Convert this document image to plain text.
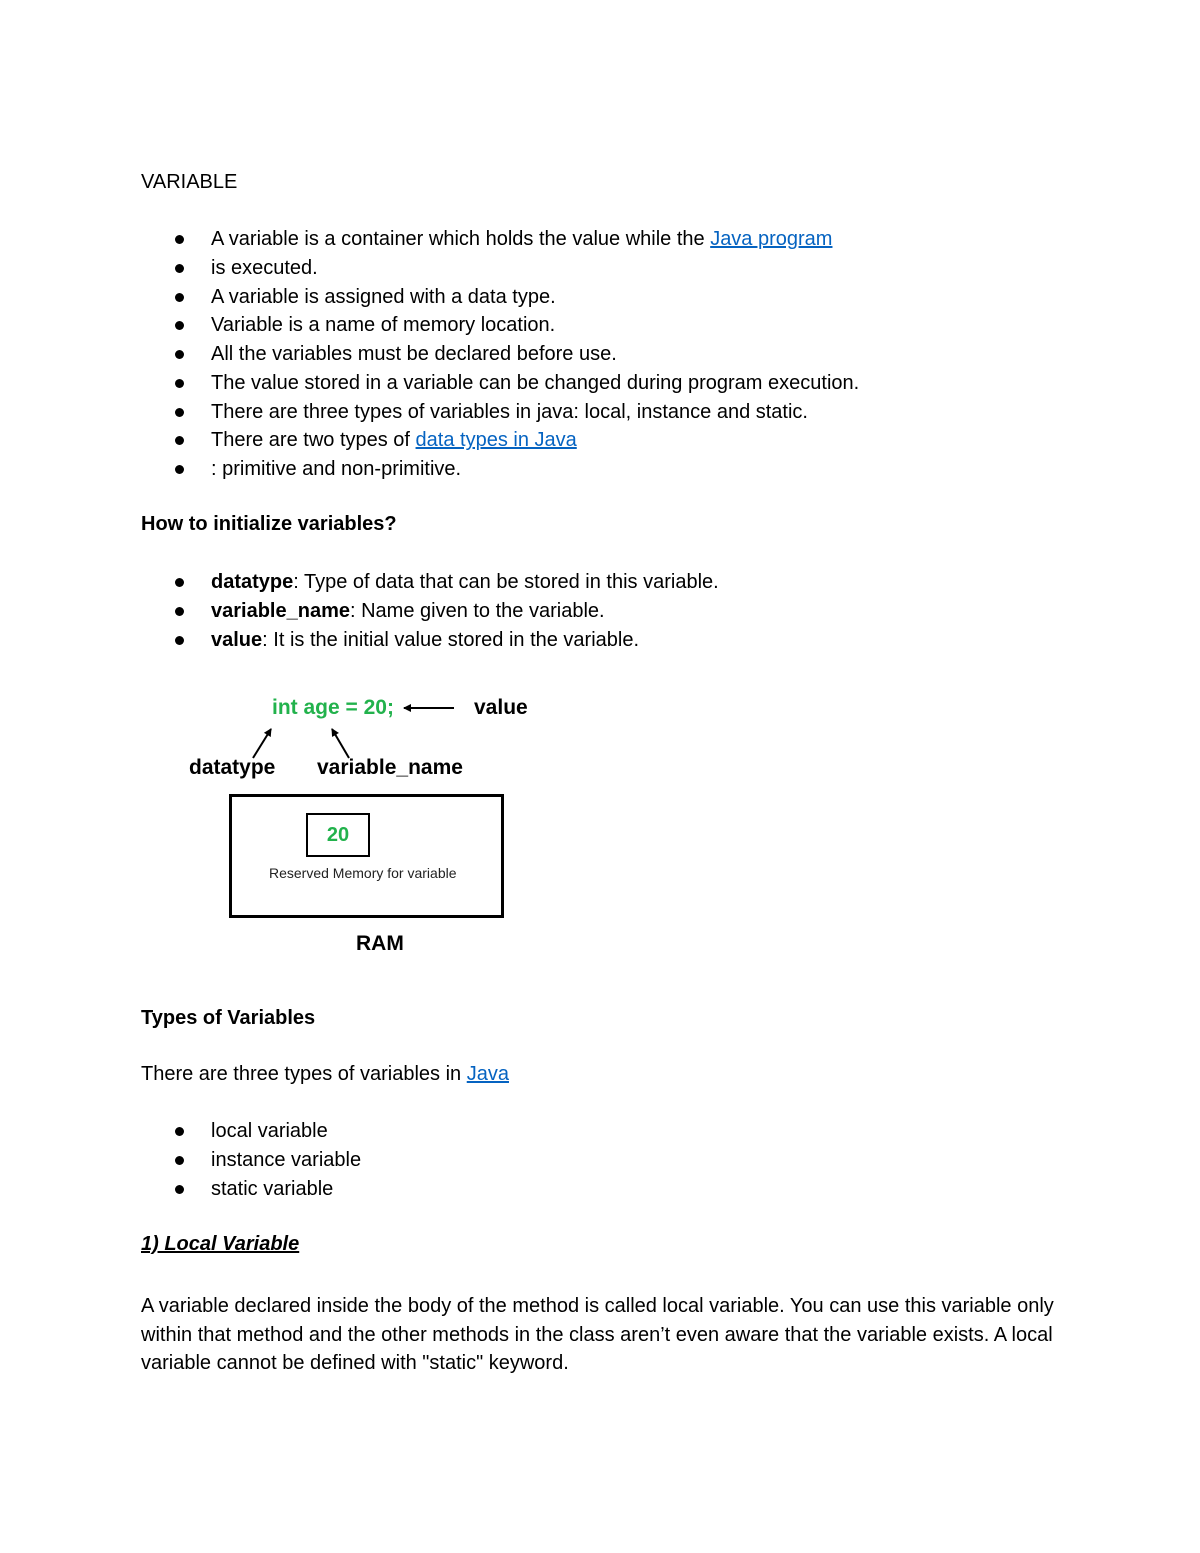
VARIABLE
A variable is a container which holds the value while the Java program
is executed.
A variable is assigned with a data type.
Variable is a name of memory location.
All the variables must be declared before use.
The value stored in a variable can be changed during program execution.
There are three types of variables in java: local, instance and static.
There are two types of data types in Java
: primitive and non-primitive.
How to initialize variables?
datatype: Type of data that can be stored in this variable.
variable_name: Name given to the variable.
value: It is the initial value stored in the variable.
int age = 20;	value
datatype variable_name
20
Reserved Memory for variable
RAM
Types of Variables
There are three types of variables in Java
local variable
instance variable
static variable
1) Local Variable
A variable declared inside the body of the method is called local variable. You can use this variable only within that method and the other methods in the class aren’t even aware that the variable exists. A local variable cannot be defined with "static" keyword.
